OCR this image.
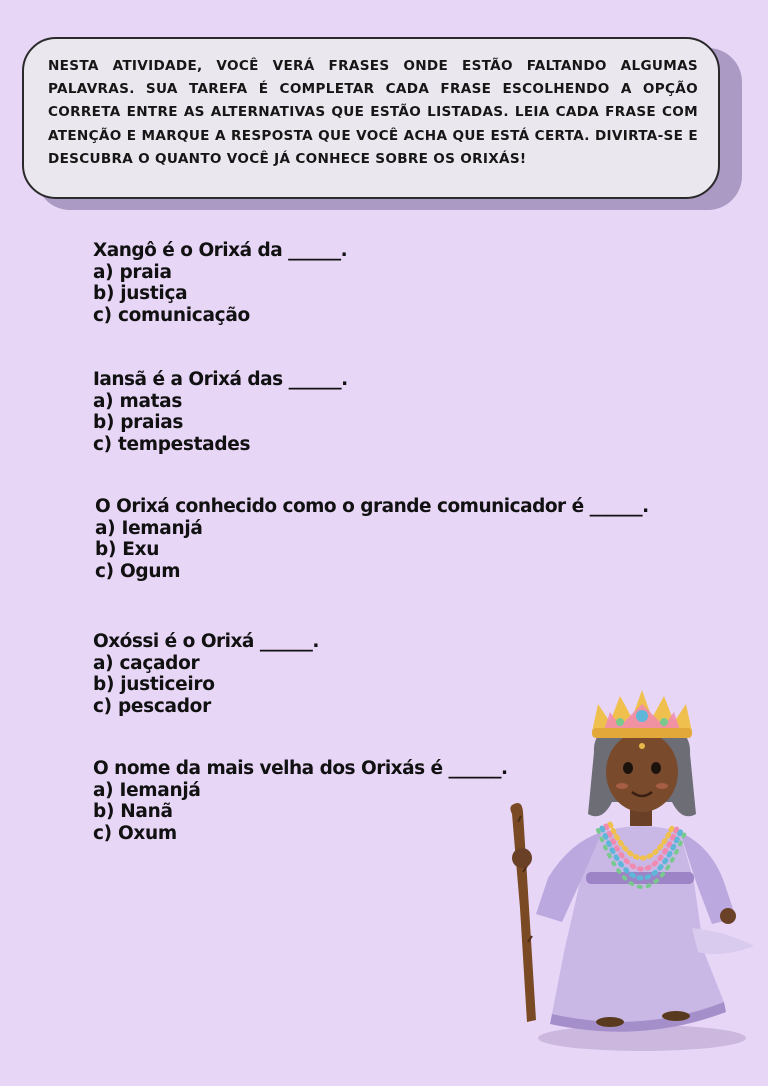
NESTA ATIVIDADE, VOCÊ VERÁ FRASES ONDE ESTÃO FALTANDO ALGUMAS PALAVRAS. SUA TAREFA É COMPLETAR CADA FRASE ESCOLHENDO A OPÇÃO CORRETA ENTRE AS ALTERNATIVAS QUE ESTÃO LISTADAS. LEIA CADA FRASE COM ATENÇÃO E MARQUE A RESPOSTA QUE VOCÊ ACHA QUE ESTÁ CERTA. DIVIRTA-SE E DESCUBRA O QUANTO VOCÊ JÁ CONHECE SOBRE OS ORIXÁS!

Xangô é o Orixá da ______.
a) praia
b) justiça
c) comunicação
Iansã é a Orixá das ______.
a) matas
b) praias
c) tempestades
O Orixá conhecido como o grande comunicador é ______.
a) Iemanjá
b) Exu
c) Ogum
Oxóssi é o Orixá ______.
a) caçador
b) justiceiro
c) pescador
O nome da mais velha dos Orixás é ______.
a) Iemanjá
b) Nanã
c) Oxum
